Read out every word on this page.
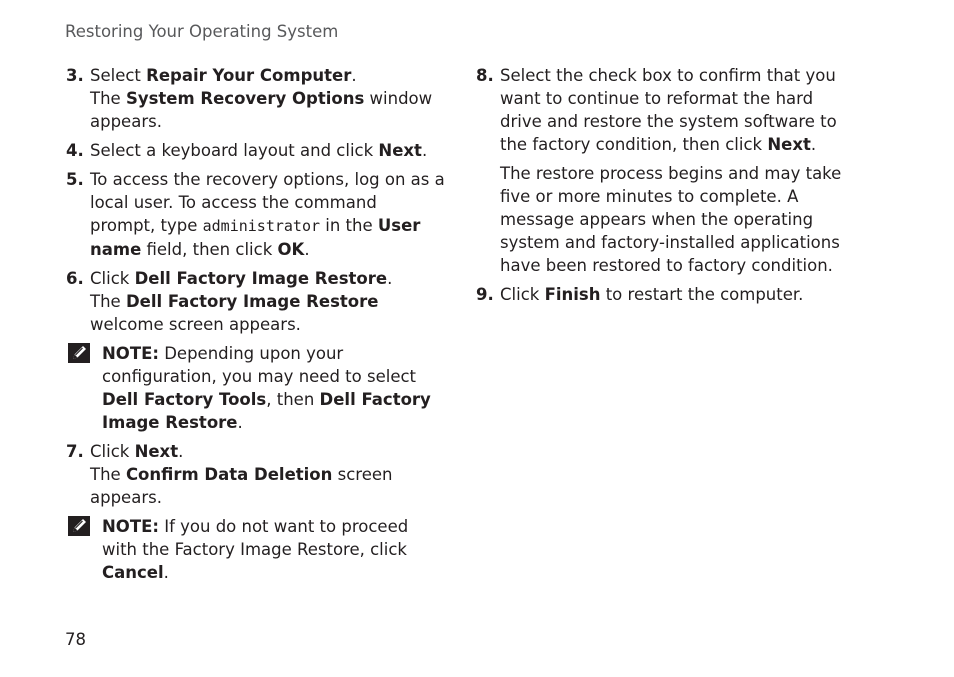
Restoring Your Operating System
3. Select Repair Your Computer.
The System Recovery Options window appears.

4. Select a keyboard layout and click Next.

5. To access the recovery options, log on as a local user. To access the command prompt, type administrator in the User name field, then click OK.

6. Click Dell Factory Image Restore.
The Dell Factory Image Restore welcome screen appears.

NOTE: Depending upon your configuration, you may need to select Dell Factory Tools, then Dell Factory Image Restore.
7. Click Next.
The Confirm Data Deletion screen appears.

NOTE: If you do not want to proceed with the Factory Image Restore, click Cancel.
8. Select the check box to confirm that you want to continue to reformat the hard drive and restore the system software to the factory condition, then click Next.

The restore process begins and may take five or more minutes to complete. A message appears when the operating system and factory-installed applications have been restored to factory condition.

9. Click Finish to restart the computer.

78
